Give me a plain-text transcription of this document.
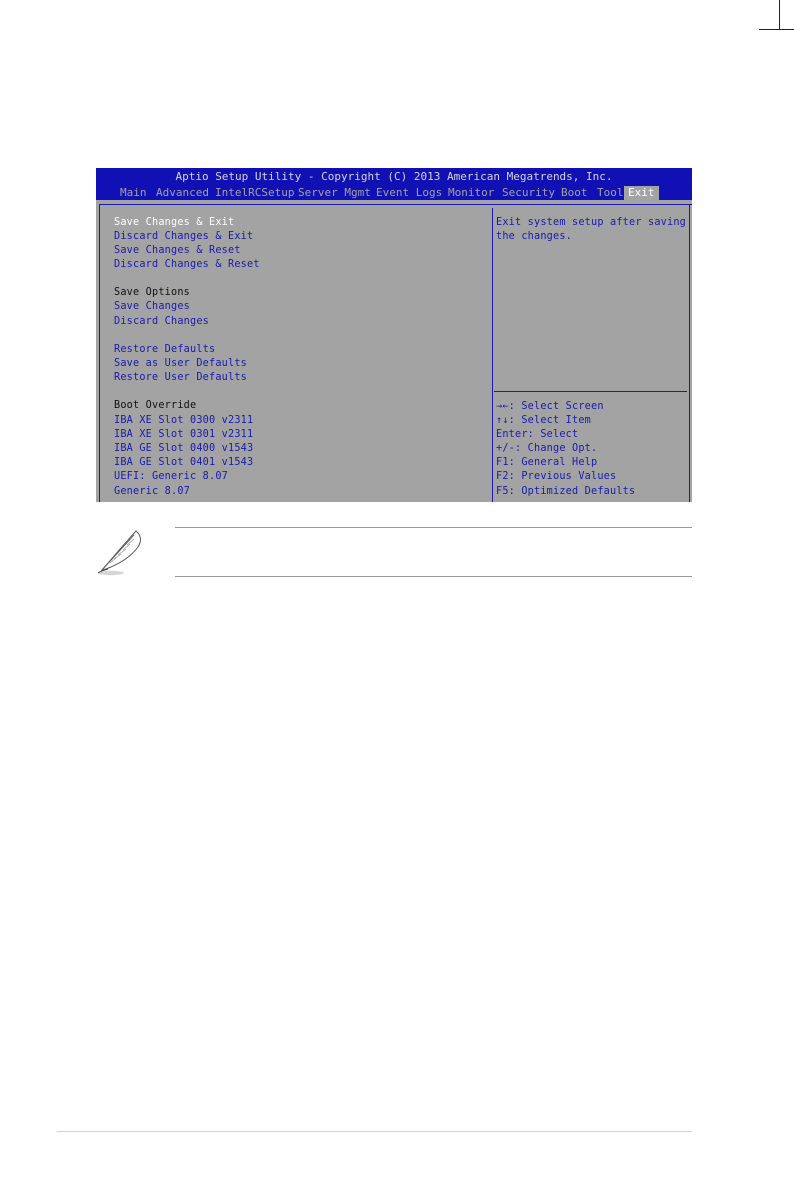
Aptio Setup Utility - Copyright (C) 2013 American Megatrends, Inc.
Main Advanced IntelRCSetup Server Mgmt Event Logs Monitor Security Boot Tool Exit
Save Changes & Exit
Discard Changes & Exit
Save Changes & Reset
Discard Changes & Reset
Save Options
Save Changes
Discard Changes
Restore Defaults
Save as User Defaults
Restore User Defaults
Boot Override
IBA XE Slot 0300 v2311
IBA XE Slot 0301 v2311
IBA GE Slot 0400 v1543
IBA GE Slot 0401 v1543
UEFI: Generic 8.07
Generic 8.07
Exit system setup after saving
the changes.
→←: Select Screen
↑↓: Select Item
Enter: Select
+/-: Change Opt.
F1: General Help
F2: Previous Values
F5: Optimized Defaults
